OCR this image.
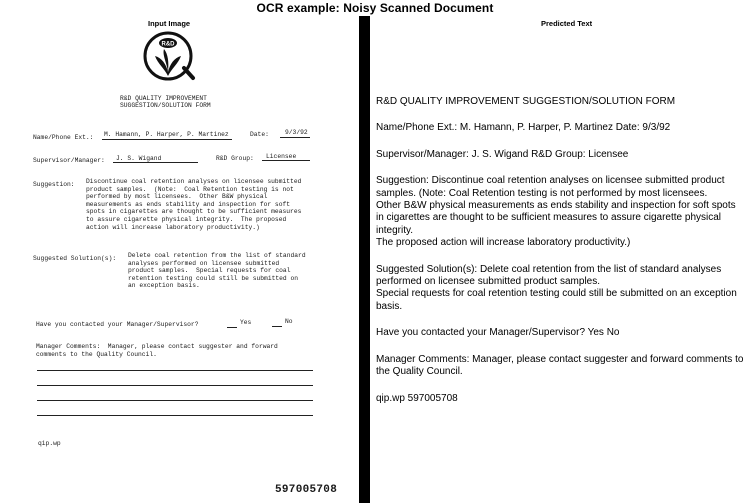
OCR example: Noisy Scanned Document
Input Image	Predicted Text
R&D
R&D QUALITY IMPROVEMENT
SUGGESTION/SOLUTION FORM
Name/Phone Ext.: M. Hamann, P. Harper, P. Martinez	Date:	9/3/92
Supervisor/Manager: J. S. Wigand	R&D Group: Licensee
Suggestion: Discontinue coal retention analyses on licensee submitted
product samples.  (Note:  Coal Retention testing is not
performed by most licensees.  Other B&W physical
measurements as ends stability and inspection for soft
spots in cigarettes are thought to be sufficient measures
to assure cigarette physical integrity.  The proposed
action will increase laboratory productivity.)
Suggested Solution(s): Delete coal retention from the list of standard
analyses performed on licensee submitted
product samples.  Special requests for coal
retention testing could still be submitted on
an exception basis.
Have you contacted your Manager/Supervisor?	Yes	No
Manager Comments:  Manager, please contact suggester and forward
comments to the Quality Council.
qip.wp
597005708

R&D QUALITY IMPROVEMENT SUGGESTION/SOLUTION FORM

Name/Phone Ext.: M. Hamann, P. Harper, P. Martinez Date: 9/3/92

Supervisor/Manager: J. S. Wigand R&D Group: Licensee

Suggestion: Discontinue coal retention analyses on licensee submitted product
samples. (Note: Coal Retention testing is not performed by most licensees.
Other B&W physical measurements as ends stability and inspection for soft spots
in cigarettes are thought to be sufficient measures to assure cigarette physical
integrity.
The proposed action will increase laboratory productivity.)

Suggested Solution(s): Delete coal retention from the list of standard analyses
performed on licensee submitted product samples.
Special requests for coal retention testing could still be submitted on an exception
basis.

Have you contacted your Manager/Supervisor? Yes No

Manager Comments: Manager, please contact suggester and forward comments to
the Quality Council.

qip.wp 597005708
